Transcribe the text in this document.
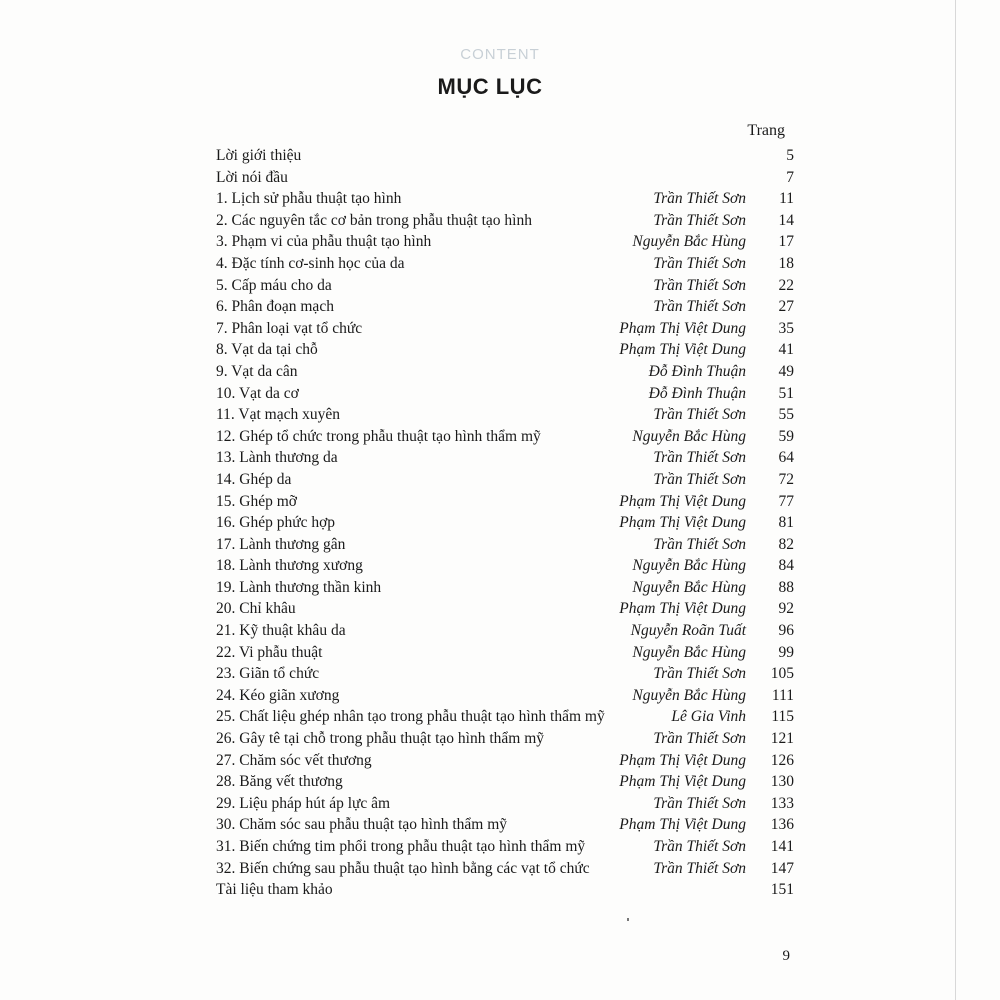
CONTENT
MỤC LỤC
Trang
Lời giới thiệu	5
Lời nói đầu	7
1. Lịch sử phẫu thuật tạo hình	Trần Thiết Sơn	11
2. Các nguyên tắc cơ bản trong phẫu thuật tạo hình	Trần Thiết Sơn	14
3. Phạm vi của phẫu thuật tạo hình	Nguyễn Bắc Hùng	17
4. Đặc tính cơ-sinh học của da	Trần Thiết Sơn	18
5. Cấp máu cho da	Trần Thiết Sơn	22
6. Phân đoạn mạch	Trần Thiết Sơn	27
7. Phân loại vạt tổ chức	Phạm Thị Việt Dung	35
8. Vạt da tại chỗ	Phạm Thị Việt Dung	41
9. Vạt da cân	Đỗ Đình Thuận	49
10. Vạt da cơ	Đỗ Đình Thuận	51
11. Vạt mạch xuyên	Trần Thiết Sơn	55
12. Ghép tổ chức trong phẫu thuật tạo hình thẩm mỹ	Nguyễn Bắc Hùng	59
13. Lành thương da	Trần Thiết Sơn	64
14. Ghép da	Trần Thiết Sơn	72
15. Ghép mỡ	Phạm Thị Việt Dung	77
16. Ghép phức hợp	Phạm Thị Việt Dung	81
17. Lành thương gân	Trần Thiết Sơn	82
18. Lành thương xương	Nguyễn Bắc Hùng	84
19. Lành thương thần kinh	Nguyễn Bắc Hùng	88
20. Chỉ khâu	Phạm Thị Việt Dung	92
21. Kỹ thuật khâu da	Nguyễn Roãn Tuất	96
22. Vi phẫu thuật	Nguyễn Bắc Hùng	99
23. Giãn tổ chức	Trần Thiết Sơn	105
24. Kéo giãn xương	Nguyễn Bắc Hùng	111
25. Chất liệu ghép nhân tạo trong phẫu thuật tạo hình thẩm mỹ	Lê Gia Vinh	115
26. Gây tê tại chỗ trong phẫu thuật tạo hình thẩm mỹ	Trần Thiết Sơn	121
27. Chăm sóc vết thương	Phạm Thị Việt Dung	126
28. Băng vết thương	Phạm Thị Việt Dung	130
29. Liệu pháp hút áp lực âm	Trần Thiết Sơn	133
30. Chăm sóc sau phẫu thuật tạo hình thẩm mỹ	Phạm Thị Việt Dung	136
31. Biến chứng tim phổi trong phẫu thuật tạo hình thẩm mỹ	Trần Thiết Sơn	141
32. Biến chứng sau phẫu thuật tạo hình bằng các vạt tổ chức	Trần Thiết Sơn	147
Tài liệu tham khảo	151
9
